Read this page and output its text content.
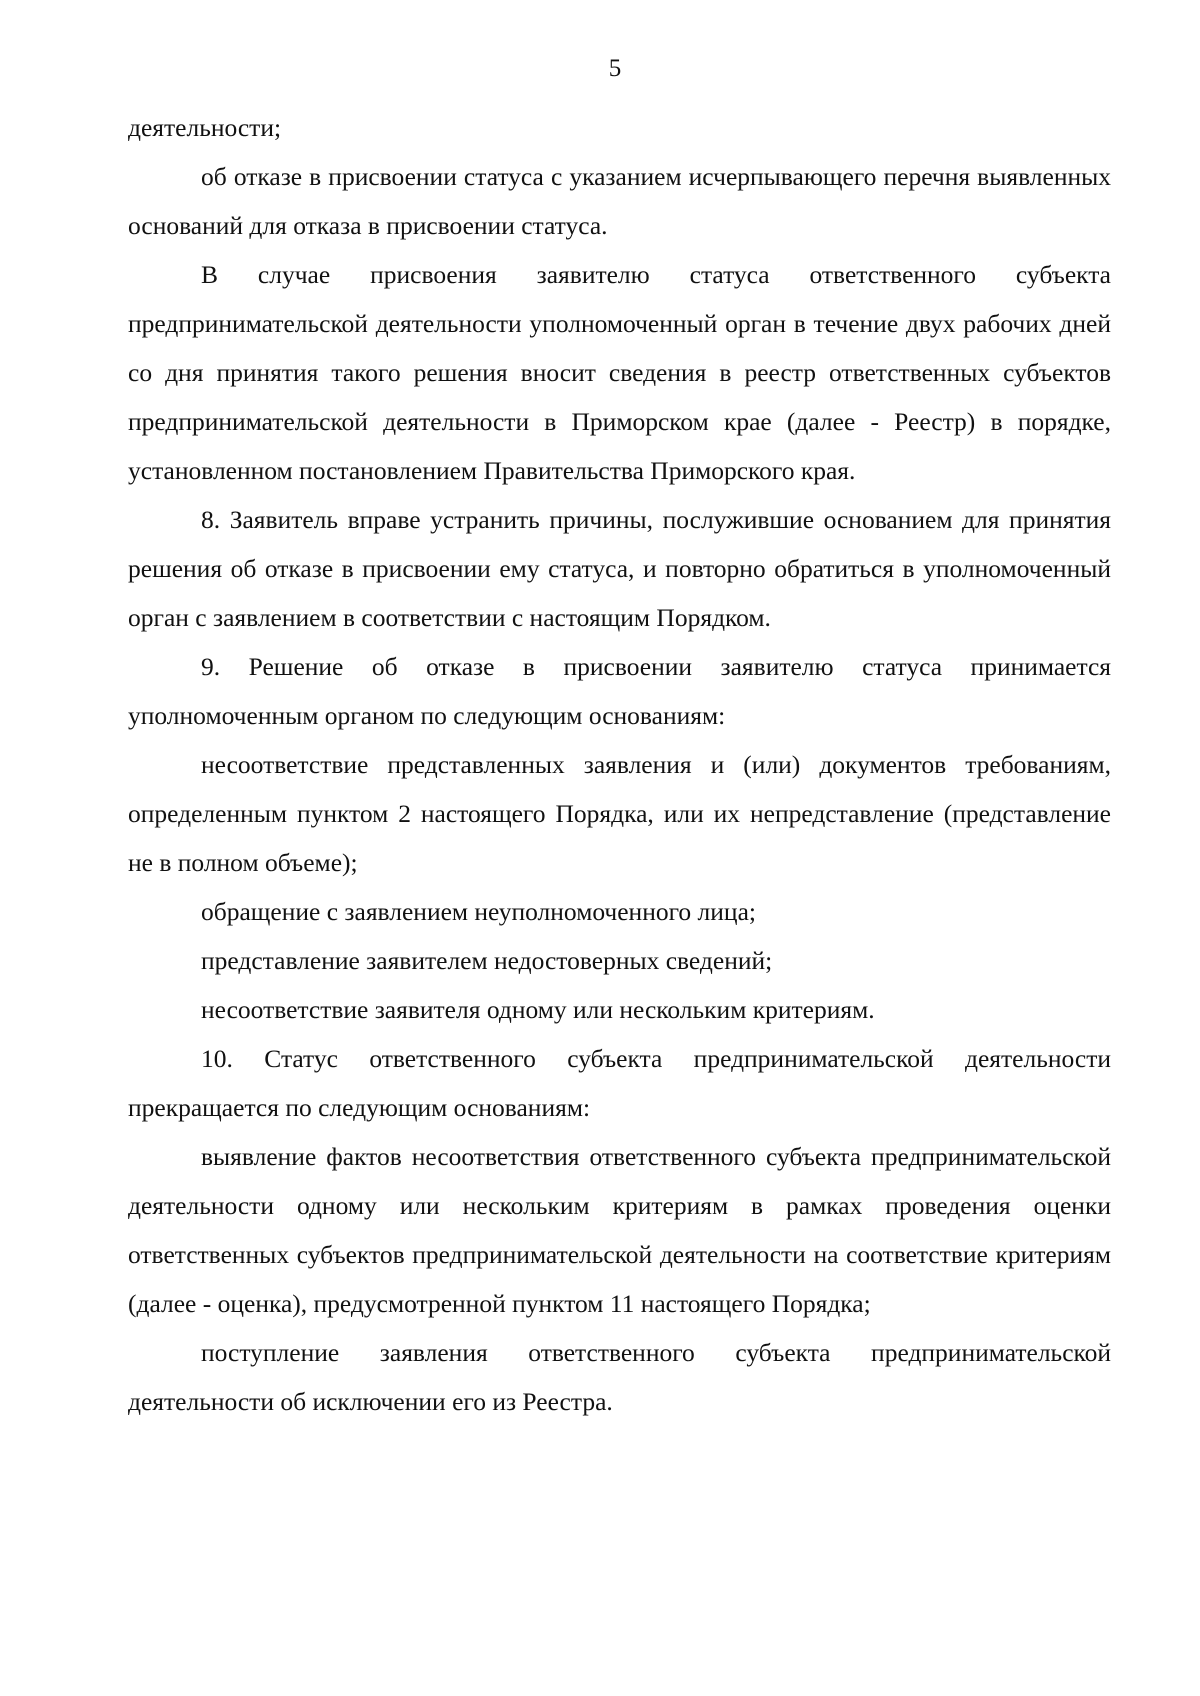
5

деятельности;

об отказе в присвоении статуса с указанием исчерпывающего перечня выявленных оснований для отказа в присвоении статуса.

В случае присвоения заявителю статуса ответственного субъекта предпринимательской деятельности уполномоченный орган в течение двух рабочих дней со дня принятия такого решения вносит сведения в реестр ответственных субъектов предпринимательской деятельности в Приморском крае (далее - Реестр) в порядке, установленном постановлением Правительства Приморского края.

8. Заявитель вправе устранить причины, послужившие основанием для принятия решения об отказе в присвоении ему статуса, и повторно обратиться в уполномоченный орган с заявлением в соответствии с настоящим Порядком.

9. Решение об отказе в присвоении заявителю статуса принимается уполномоченным органом по следующим основаниям:

несоответствие представленных заявления и (или) документов требованиям, определенным пунктом 2 настоящего Порядка, или их непредставление (представление не в полном объеме);

обращение с заявлением неуполномоченного лица;

представление заявителем недостоверных сведений;

несоответствие заявителя одному или нескольким критериям.

10. Статус ответственного субъекта предпринимательской деятельности прекращается по следующим основаниям:

выявление фактов несоответствия ответственного субъекта предпринимательской деятельности одному или нескольким критериям в рамках проведения оценки ответственных субъектов предпринимательской деятельности на соответствие критериям (далее - оценка), предусмотренной пунктом 11 настоящего Порядка;

поступление заявления ответственного субъекта предпринимательской деятельности об исключении его из Реестра.
